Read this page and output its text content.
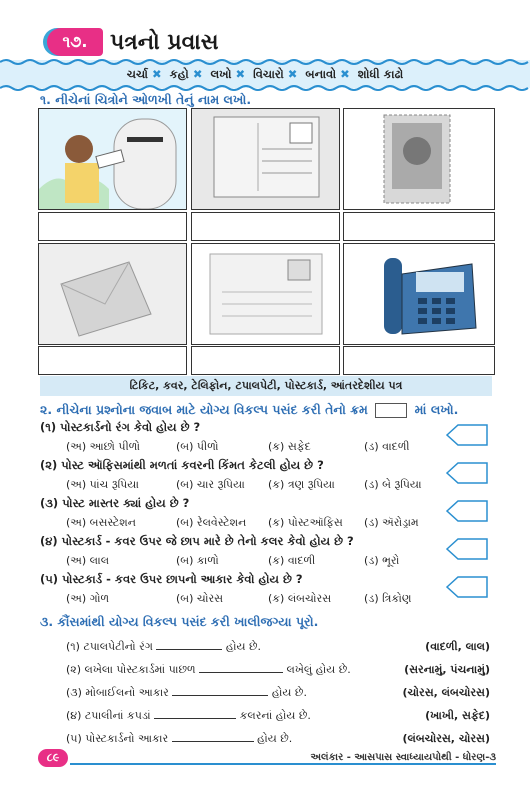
૧૭.	પત્રનો પ્રવાસ
ચર્ચા ✖ કહો ✖ લખો ✖ વિચારો ✖ બનાવો ✖ શોધી કાઢો
૧. નીચેનાં ચિત્રોને ઓળખી તેનું નામ લખો.
ટિકિટ, કવર, ટેલિફોન, ટપાલપેટી, પોસ્ટકાર્ડ, આંતરદેશીય પત્ર
૨. નીચેના પ્રશ્નોના જવાબ માટે યોગ્ય વિકલ્પ પસંદ કરી તેનો ક્રમ	માં લખો.
(૧) પોસ્ટકાર્ડનો રંગ કેવો હોય છે ?
(અ) આછો પીળો	(બ) પીળો	(ક) સફેદ	(ડ) વાદળી
(૨) પોસ્ટ ઑફિસમાંથી મળતાં કવરની કિંમત કેટલી હોય છે ?
(અ) પાંચ રૂપિયા	(બ) ચાર રૂપિયા (ક) ત્રણ રૂપિયા	(ડ) બે રૂપિયા
(૩) પોસ્ટ માસ્તર ક્યાં હોય છે ?
(અ) બસસ્ટેશન	(બ) રેલવેસ્ટેશન (ક) પોસ્ટઑફિસ (ડ) ઍરોડ્રામ
(૪) પોસ્ટકાર્ડ - કવર ઉપર જે છાપ મારે છે તેનો કલર કેવો હોય છે ?
(અ) લાલ	(બ) કાળો	(ક) વાદળી	(ડ) ભૂરો
(૫) પોસ્ટકાર્ડ - કવર ઉપર છાપનો આકાર કેવો હોય છે ?
(અ) ગોળ	(બ) ચોરસ	(ક) લંબચોરસ	(ડ) ત્રિકોણ
૩. કૌંસમાંથી યોગ્ય વિકલ્પ પસંદ કરી ખાલીજગ્યા પૂરો.
(૧) ટપાલપેટીનો રંગ	હોય છે.	(વાદળી, લાલ)
(૨) લખેલા પોસ્ટકાર્ડમાં પાછળ	લખેલું હોય છે.	(સરનામું, પંચનામું)
(૩) મોબાઈલનો આકાર	હોય છે.	(ચોરસ, લંબચોરસ)
(૪) ટપાલીનાં કપડાં	કલરનાં હોય છે.	(ખાખી, સફેદ)
(૫) પોસ્ટકાર્ડનો આકાર	હોય છે.	(લંબચોરસ, ચોરસ)
૮૯	અલંકાર - આસપાસ સ્વાધ્યાયપોથી - ધોરણ-૩
